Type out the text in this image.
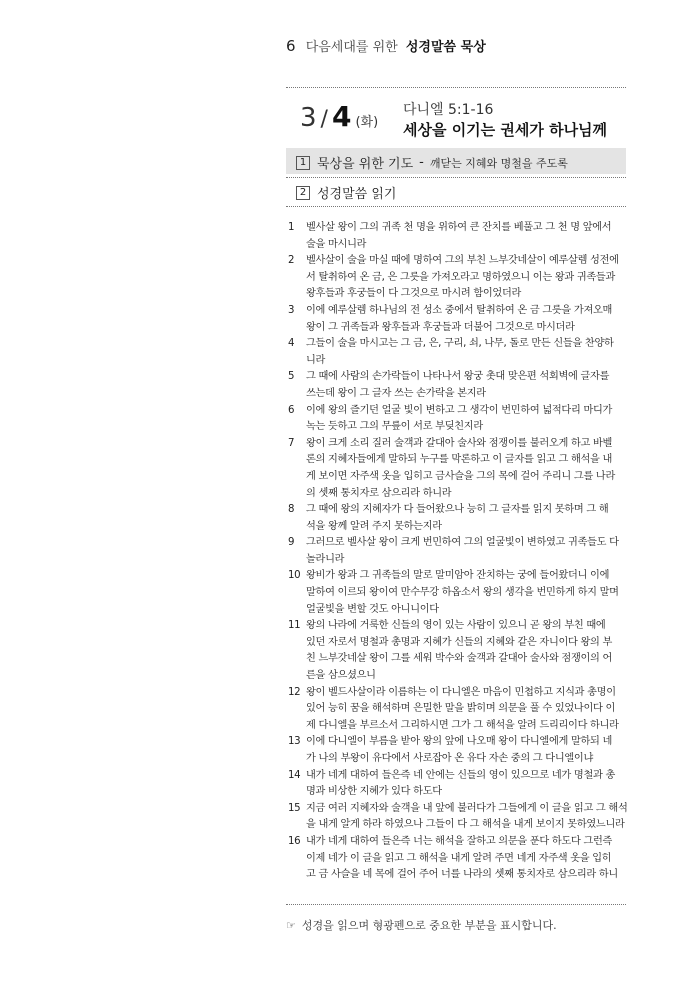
6 다음세대를 위한 성경말씀 묵상
3 / 4 (화)
다니엘 5:1-16
세상을 이기는 권세가 하나님께
1 묵상을 위한 기도 - 깨닫는 지혜와 명철을 주도록
2 성경말씀 읽기
1	벨사살 왕이 그의 귀족 천 명을 위하여 큰 잔치를 베풀고 그 천 명 앞에서
술을 마시니라
2	벨사살이 술을 마실 때에 명하여 그의 부친 느부갓네살이 예루살렘 성전에
서 탈취하여 온 금, 은 그릇을 가져오라고 명하였으니 이는 왕과 귀족들과
왕후들과 후궁들이 다 그것으로 마시려 함이었더라
3	이에 예루살렘 하나님의 전 성소 중에서 탈취하여 온 금 그릇을 가져오매
왕이 그 귀족들과 왕후들과 후궁들과 더불어 그것으로 마시더라
4	그들이 술을 마시고는 그 금, 은, 구리, 쇠, 나무, 돌로 만든 신들을 찬양하
니라
5	그 때에 사람의 손가락들이 나타나서 왕궁 촛대 맞은편 석회벽에 글자를
쓰는데 왕이 그 글자 쓰는 손가락을 본지라
6	이에 왕의 즐기던 얼굴 빛이 변하고 그 생각이 번민하여 넓적다리 마디가
녹는 듯하고 그의 무릎이 서로 부딪친지라
7	왕이 크게 소리 질러 술객과 갈대아 술사와 점쟁이를 불러오게 하고 바벨
론의 지혜자들에게 말하되 누구를 막론하고 이 글자를 읽고 그 해석을 내
게 보이면 자주색 옷을 입히고 금사슬을 그의 목에 걸어 주리니 그를 나라
의 셋째 통치자로 삼으리라 하니라
8	그 때에 왕의 지혜자가 다 들어왔으나 능히 그 글자를 읽지 못하며 그 해
석을 왕께 알려 주지 못하는지라
9	그러므로 벨사살 왕이 크게 번민하여 그의 얼굴빛이 변하였고 귀족들도 다
놀라니라
10 왕비가 왕과 그 귀족들의 말로 말미암아 잔치하는 궁에 들어왔더니 이에
말하여 이르되 왕이여 만수무강 하옵소서 왕의 생각을 번민하게 하지 말며
얼굴빛을 변할 것도 아니니이다
11 왕의 나라에 거룩한 신들의 영이 있는 사람이 있으니 곧 왕의 부친 때에
있던 자로서 명철과 총명과 지혜가 신들의 지혜와 같은 자니이다 왕의 부
친 느부갓네살 왕이 그를 세워 박수와 술객과 갈대아 술사와 점쟁이의 어
른을 삼으셨으니
12 왕이 벨드사살이라 이름하는 이 다니엘은 마음이 민첩하고 지식과 총명이
있어 능히 꿈을 해석하며 은밀한 말을 밝히며 의문을 풀 수 있었나이다 이
제 다니엘을 부르소서 그리하시면 그가 그 해석을 알려 드리리이다 하니라
13 이에 다니엘이 부름을 받아 왕의 앞에 나오매 왕이 다니엘에게 말하되 네
가 나의 부왕이 유다에서 사로잡아 온 유다 자손 중의 그 다니엘이냐
14 내가 네게 대하여 들은즉 네 안에는 신들의 영이 있으므로 네가 명철과 총
명과 비상한 지혜가 있다 하도다
15 지금 여러 지혜자와 술객을 내 앞에 불러다가 그들에게 이 글을 읽고 그 해석
을 내게 알게 하라 하였으나 그들이 다 그 해석을 내게 보이지 못하였느니라
16 내가 네게 대하여 들은즉 너는 해석을 잘하고 의문을 푼다 하도다 그런즉
이제 네가 이 글을 읽고 그 해석을 내게 알려 주면 네게 자주색 옷을 입히
고 금 사슬을 네 목에 걸어 주어 너를 나라의 셋째 통치자로 삼으리라 하니
☞ 성경을 읽으며 형광펜으로 중요한 부분을 표시합니다.
